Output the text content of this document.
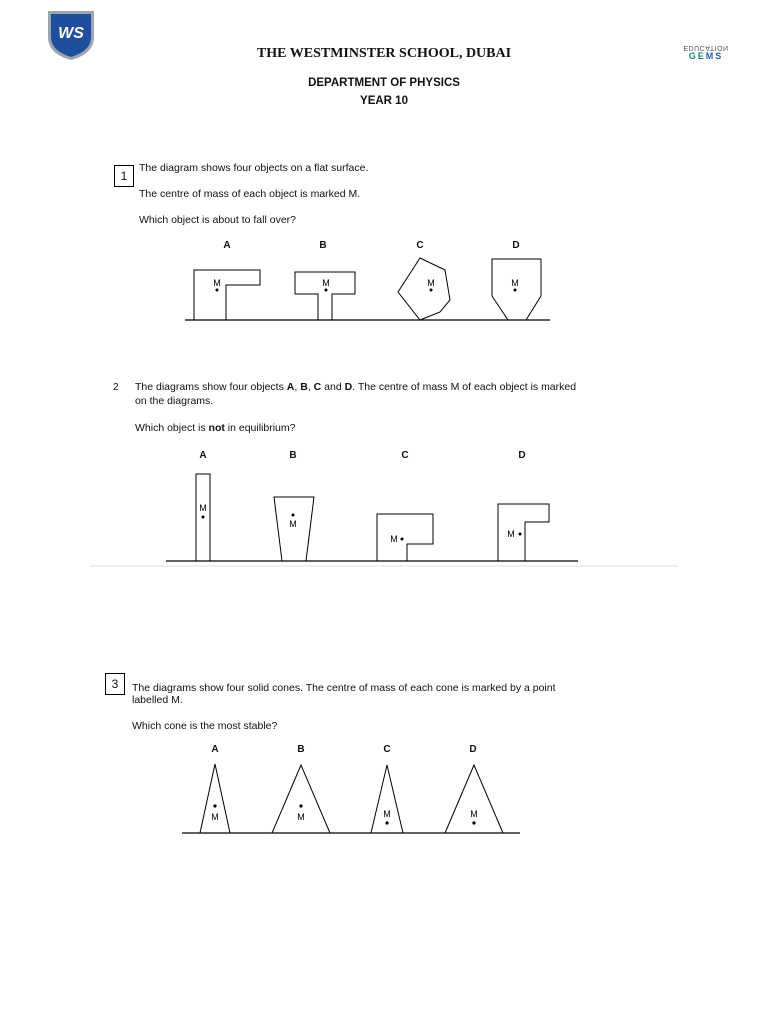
WS
EDUCATION
GEMS
THE WESTMINSTER SCHOOL, DUBAI
DEPARTMENT OF PHYSICS
YEAR 10
1
The diagram shows four objects on a flat surface.
The centre of mass of each object is marked M.
Which object is about to fall over?
A	B	C	D
M	M	M	M
2 The diagrams show four objects A, B, C and D. The centre of mass M of each object is marked
on the diagrams.
Which object is not in equilibrium?
A	B	C	D
M
M
M	M
3	The diagrams show four solid cones. The centre of mass of each cone is marked by a point
labelled M.
Which cone is the most stable?
A	B	C	D
M	M	M	M
